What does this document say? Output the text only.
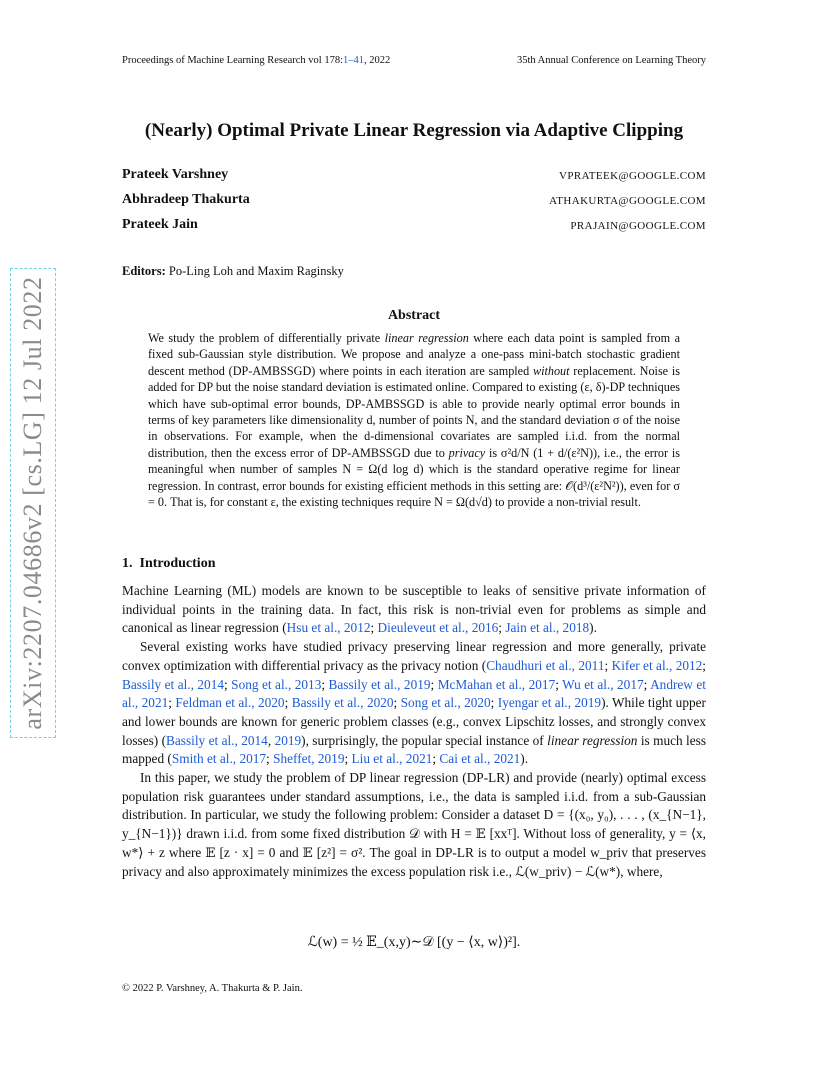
Proceedings of Machine Learning Research vol 178:1–41, 2022	35th Annual Conference on Learning Theory
(Nearly) Optimal Private Linear Regression via Adaptive Clipping
Prateek Varshney	VPRATEEK@GOOGLE.COM
Abhradeep Thakurta	ATHAKURTA@GOOGLE.COM
Prateek Jain	PRAJAIN@GOOGLE.COM
Editors: Po-Ling Loh and Maxim Raginsky
arXiv:2207.04686v2 [cs.LG] 12 Jul 2022	Abstract

We study the problem of differentially private linear regression where each data point is sampled from a fixed sub-Gaussian style distribution. We propose and analyze a one-pass mini-batch stochastic gradient descent method (DP-AMBSSGD) where points in each iteration are sampled without replacement. Noise is added for DP but the noise standard deviation is estimated online. Compared to existing (ε, δ)-DP techniques which have sub-optimal error bounds, DP-AMBSSGD is able to provide nearly optimal error bounds in terms of key parameters like dimensionality d, number of points N, and the standard deviation σ of the noise in observations. For example, when the d-dimensional covariates are sampled i.i.d. from the normal distribution, then the excess error of DP-AMBSSGD due to privacy is σ²d/N (1 + d/(ε²N)), i.e., the error is meaningful when number of samples N = Ω(d log d) which is the standard operative regime for linear regression. In contrast, error bounds for existing efficient methods in this setting are: 𝒪(d³/(ε²N²)), even for σ = 0. That is, for constant ε, the existing techniques require N = Ω(d√d) to provide a non-trivial result.

1. Introduction

Machine Learning (ML) models are known to be susceptible to leaks of sensitive private information of individual points in the training data. In fact, this risk is non-trivial even for problems as simple and canonical as linear regression (Hsu et al., 2012; Dieuleveut et al., 2016; Jain et al., 2018).

Several existing works have studied privacy preserving linear regression and more generally, private convex optimization with differential privacy as the privacy notion (Chaudhuri et al., 2011; Kifer et al., 2012; Bassily et al., 2014; Song et al., 2013; Bassily et al., 2019; McMahan et al., 2017; Wu et al., 2017; Andrew et al., 2021; Feldman et al., 2020; Bassily et al., 2020; Song et al., 2020; Iyengar et al., 2019). While tight upper and lower bounds are known for generic problem classes (e.g., convex Lipschitz losses, and strongly convex losses) (Bassily et al., 2014, 2019), surprisingly, the popular special instance of linear regression is much less mapped (Smith et al., 2017; Sheffet, 2019; Liu et al., 2021; Cai et al., 2021).

In this paper, we study the problem of DP linear regression (DP-LR) and provide (nearly) optimal excess population risk guarantees under standard assumptions, i.e., the data is sampled i.i.d. from a sub-Gaussian distribution. In particular, we study the following problem: Consider a dataset D = {(x₀, y₀), . . . , (x_{N−1}, y_{N−1})} drawn i.i.d. from some fixed distribution 𝒟 with H = 𝔼 [xxᵀ]. Without loss of generality, y = ⟨x, w*⟩ + z where 𝔼 [z · x] = 0 and 𝔼 [z²] = σ². The goal in DP-LR is to output a model w_priv that preserves privacy and also approximately minimizes the excess population risk i.e., ℒ(w_priv) − ℒ(w*), where,

ℒ(w) = ½ 𝔼_(x,y)∼𝒟 [(y − ⟨x, w⟩)²].
© 2022 P. Varshney, A. Thakurta & P. Jain.
